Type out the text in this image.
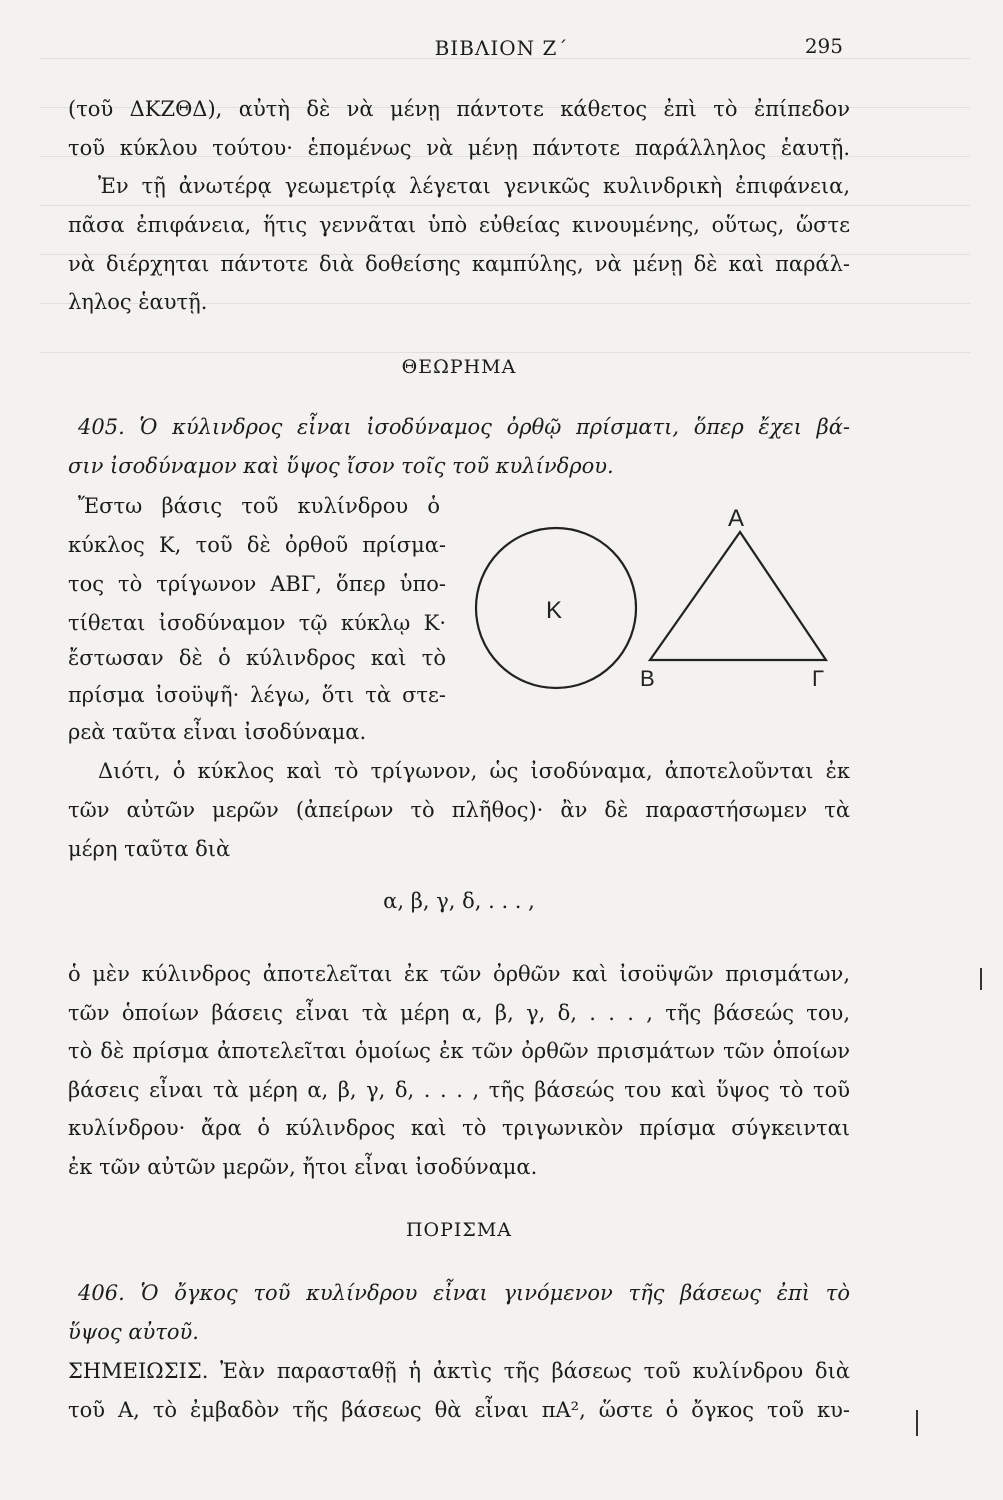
ΒΙΒΛΙΟΝ Ζ΄	295
(τοῦ ΔΚΖΘΔ), αὐτὴ δὲ νὰ μένῃ πάντοτε κάθετος ἐπὶ τὸ ἐπίπεδον
τοῦ κύκλου τούτου· ἑπομένως νὰ μένῃ πάντοτε παράλληλος ἑαυτῇ.
Ἐν τῇ ἀνωτέρᾳ γεωμετρίᾳ λέγεται γενικῶς κυλινδρικὴ ἐπιφάνεια,
πᾶσα ἐπιφάνεια, ἥτις γεννᾶται ὑπὸ εὐθείας κινουμένης, οὕτως, ὥστε
νὰ διέρχηται πάντοτε διὰ δοθείσης καμπύλης, νὰ μένῃ δὲ καὶ παράλ-
ληλος ἑαυτῇ.
ΘΕΩΡΗΜΑ
405. Ὁ κύλινδρος εἶναι ἰσοδύναμος ὀρθῷ πρίσματι, ὅπερ ἔχει βά-
σιν ἰσοδύναμον καὶ ὕψος ἴσον τοῖς τοῦ κυλίνδρου.
Ἔστω βάσις τοῦ κυλίνδρου ὁ
κύκλος Κ, τοῦ δὲ ὀρθοῦ πρίσμα-
τος τὸ τρίγωνον ΑΒΓ, ὅπερ ὑπο-
τίθεται ἰσοδύναμον τῷ κύκλῳ Κ·
ἔστωσαν δὲ ὁ κύλινδρος καὶ τὸ
πρίσμα ἰσοϋψῆ· λέγω, ὅτι τὰ στε-
ρεὰ ταῦτα εἶναι ἰσοδύναμα.
Κ
Α
Β	Γ
Διότι, ὁ κύκλος καὶ τὸ τρίγωνον, ὡς ἰσοδύναμα, ἀποτελοῦνται ἐκ
τῶν αὐτῶν μερῶν (ἀπείρων τὸ πλῆθος)· ἂν δὲ παραστήσωμεν τὰ
μέρη ταῦτα διὰ
α, β, γ, δ, . . . ,
ὁ μὲν κύλινδρος ἀποτελεῖται ἐκ τῶν ὀρθῶν καὶ ἰσοϋψῶν πρισμάτων,
τῶν ὁποίων βάσεις εἶναι τὰ μέρη α, β, γ, δ, . . . , τῆς βάσεώς του,
τὸ δὲ πρίσμα ἀποτελεῖται ὁμοίως ἐκ τῶν ὀρθῶν πρισμάτων τῶν ὁποίων
βάσεις εἶναι τὰ μέρη α, β, γ, δ, . . . , τῆς βάσεώς του καὶ ὕψος τὸ τοῦ
κυλίνδρου· ἄρα ὁ κύλινδρος καὶ τὸ τριγωνικὸν πρίσμα σύγκεινται
ἐκ τῶν αὐτῶν μερῶν, ἤτοι εἶναι ἰσοδύναμα.
ΠΟΡΙΣΜΑ
406. Ὁ ὄγκος τοῦ κυλίνδρου εἶναι γινόμενον τῆς βάσεως ἐπὶ τὸ
ὕψος αὐτοῦ.
ΣΗΜΕΙΩΣΙΣ. Ἐὰν παρασταθῇ ἡ ἀκτὶς τῆς βάσεως τοῦ κυλίνδρου διὰ
τοῦ Α, τὸ ἐμβαδὸν τῆς βάσεως θὰ εἶναι πΑ², ὥστε ὁ ὄγκος τοῦ κυ-
